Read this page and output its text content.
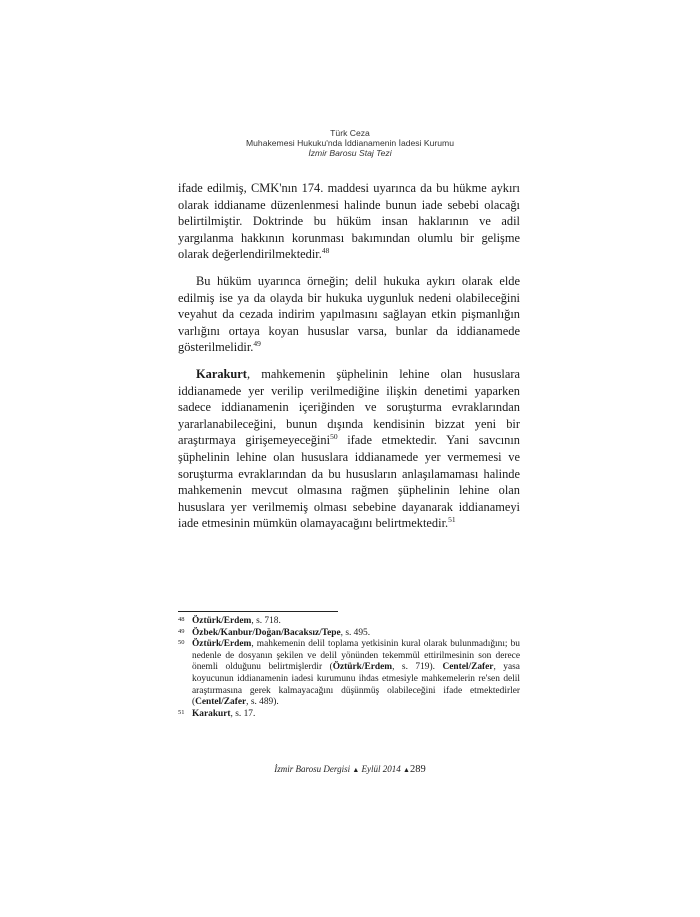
Türk Ceza
Muhakemesi Hukuku'nda İddianamenin İadesi Kurumu
İzmir Barosu Staj Tezi

ifade edilmiş, CMK'nın 174. maddesi uyarınca da bu hükme aykırı olarak iddianame düzenlenmesi halinde bunun iade sebebi olacağı belirtilmiştir. Doktrinde bu hüküm insan haklarının ve adil yargılanma hakkının korunması bakımından olumlu bir gelişme olarak değerlendirilmektedir.$^{48}$

Bu hüküm uyarınca örneğin; delil hukuka aykırı olarak elde edilmiş ise ya da olayda bir hukuka uygunluk nedeni olabileceğini veyahut da cezada indirim yapılmasını sağlayan etkin pişmanlığın varlığını ortaya koyan hususlar varsa, bunlar da iddianamede gösterilmelidir.$^{49}$

Karakurt, mahkemenin şüphelinin lehine olan hususlara iddianamede yer verilip verilmediğine ilişkin denetimi yaparken sadece iddianamenin içeriğinden ve soruşturma evraklarından yararlanabileceğini, bunun dışında kendisinin bizzat yeni bir araştırmaya girişemeyeceğini$^{50}$ ifade etmektedir. Yani savcının şüphelinin lehine olan hususlara iddianamede yer vermemesi ve soruşturma evraklarından da bu hususların anlaşılamaması halinde mahkemenin mevcut olmasına rağmen şüphelinin lehine olan hususlara yer verilmemiş olması sebebine dayanarak iddianameyi iade etmesinin mümkün olamayacağını belirtmektedir.$^{51}$

48 Öztürk/Erdem, s. 718.
49 Özbek/Kanbur/Doğan/Bacaksız/Tepe, s. 495.
50 Öztürk/Erdem, mahkemenin delil toplama yetkisinin kural olarak bulunmadığını; bu nedenle de dosyanın şekilen ve delil yönünden tekemmül ettirilmesinin son derece önemli olduğunu belirtmişlerdir (Öztürk/Erdem, s. 719). Centel/Zafer, yasa koyucunun iddianamenin iadesi kurumunu ihdas etmesiyle mahkemelerin re'sen delil araştırmasına gerek kalmayacağını düşünmüş olabileceğini ifade etmektedirler (Centel/Zafer, s. 489).
51 Karakurt, s. 17.
İzmir Barosu Dergisi ▲ Eylül 2014 ▲289
